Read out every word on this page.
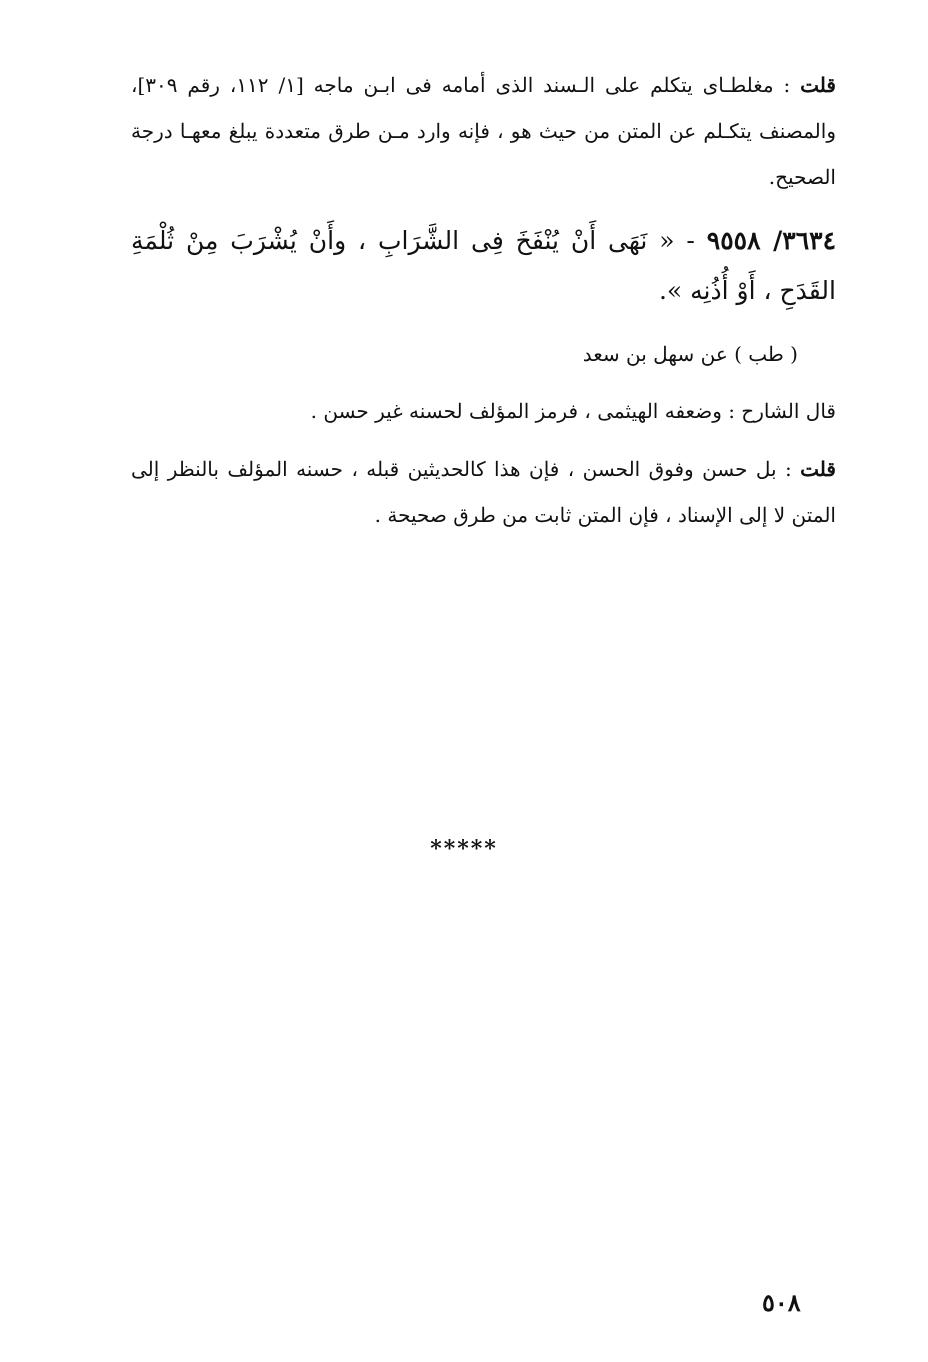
قلت : مغلطـاى يتكلم على الـسند الذى أمامه فى ابـن ماجه [١/ ١١٢، رقم ٣٠٩]، والمصنف يتكـلم عن المتن من حيث هو ، فإنه وارد مـن طرق متعددة يبلغ معهـا درجة الصحيح.
٣٦٣٤/ ٩٥٥٨ - « نَهَى أَنْ يُنْفَخَ فِى الشَّرَابِ ، وأَنْ يُشْرَبَ مِنْ ثُلْمَةِ القَدَحِ ، أَوْ أُذُنِه ».
( طب ) عن سهل بن سعد
قال الشارح : وضعفه الهيثمى ، فرمز المؤلف لحسنه غير حسن .
قلت : بل حسن وفوق الحسن ، فإن هذا كالحديثين قبله ، حسنه المؤلف بالنظر إلى المتن لا إلى الإسناد ، فإن المتن ثابت من طرق صحيحة .
*****
٥٠٨
